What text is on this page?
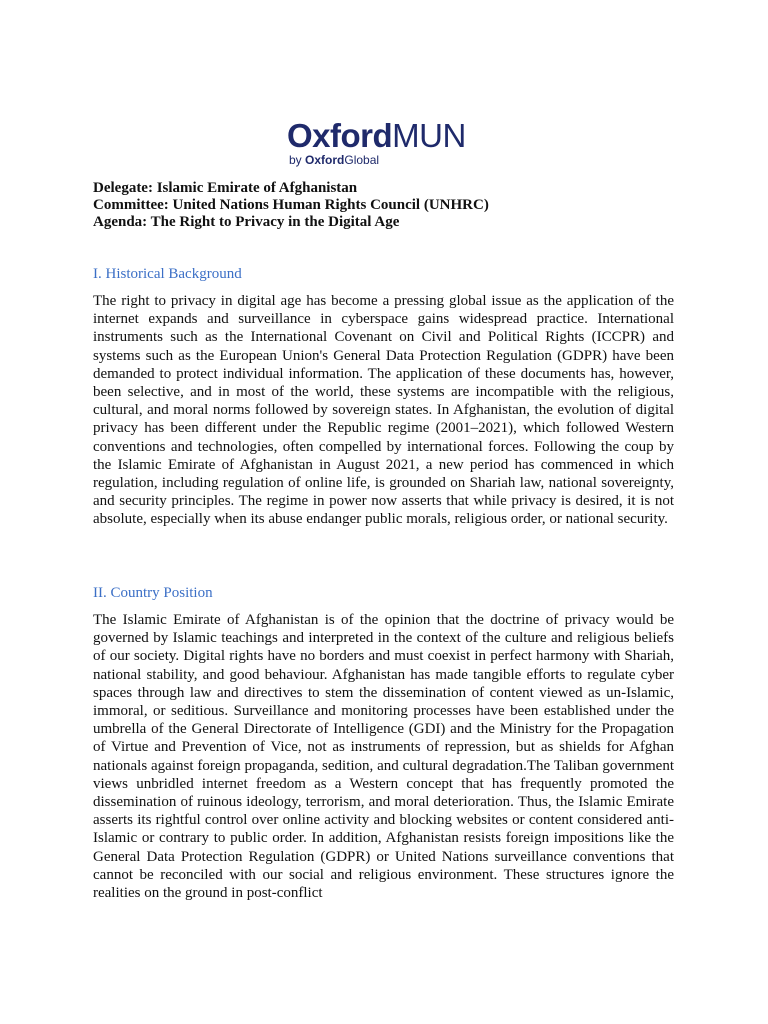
OxfordMUN
by OxfordGlobal
Delegate: Islamic Emirate of Afghanistan
Committee: United Nations Human Rights Council (UNHRC)
Agenda: The Right to Privacy in the Digital Age
I. Historical Background
The right to privacy in digital age has become a pressing global issue as the application of the internet expands and surveillance in cyberspace gains widespread practice. International instruments such as the International Covenant on Civil and Political Rights (ICCPR) and systems such as the European Union's General Data Protection Regulation (GDPR) have been demanded to protect individual information. The application of these documents has, however, been selective, and in most of the world, these systems are incompatible with the religious, cultural, and moral norms followed by sovereign states. In Afghanistan, the evolution of digital privacy has been different under the Republic regime (2001–2021), which followed Western conventions and technologies, often compelled by international forces. Following the coup by the Islamic Emirate of Afghanistan in August 2021, a new period has commenced in which regulation, including regulation of online life, is grounded on Shariah law, national sovereignty, and security principles. The regime in power now asserts that while privacy is desired, it is not absolute, especially when its abuse endanger public morals, religious order, or national security.
II. Country Position
The Islamic Emirate of Afghanistan is of the opinion that the doctrine of privacy would be governed by Islamic teachings and interpreted in the context of the culture and religious beliefs of our society. Digital rights have no borders and must coexist in perfect harmony with Shariah, national stability, and good behaviour. Afghanistan has made tangible efforts to regulate cyber spaces through law and directives to stem the dissemination of content viewed as un-Islamic, immoral, or seditious. Surveillance and monitoring processes have been established under the umbrella of the General Directorate of Intelligence (GDI) and the Ministry for the Propagation of Virtue and Prevention of Vice, not as instruments of repression, but as shields for Afghan nationals against foreign propaganda, sedition, and cultural degradation.The Taliban government views unbridled internet freedom as a Western concept that has frequently promoted the dissemination of ruinous ideology, terrorism, and moral deterioration. Thus, the Islamic Emirate asserts its rightful control over online activity and blocking websites or content considered anti-Islamic or contrary to public order. In addition, Afghanistan resists foreign impositions like the General Data Protection Regulation (GDPR) or United Nations surveillance conventions that cannot be reconciled with our social and religious environment. These structures ignore the realities on the ground in post-conflict
